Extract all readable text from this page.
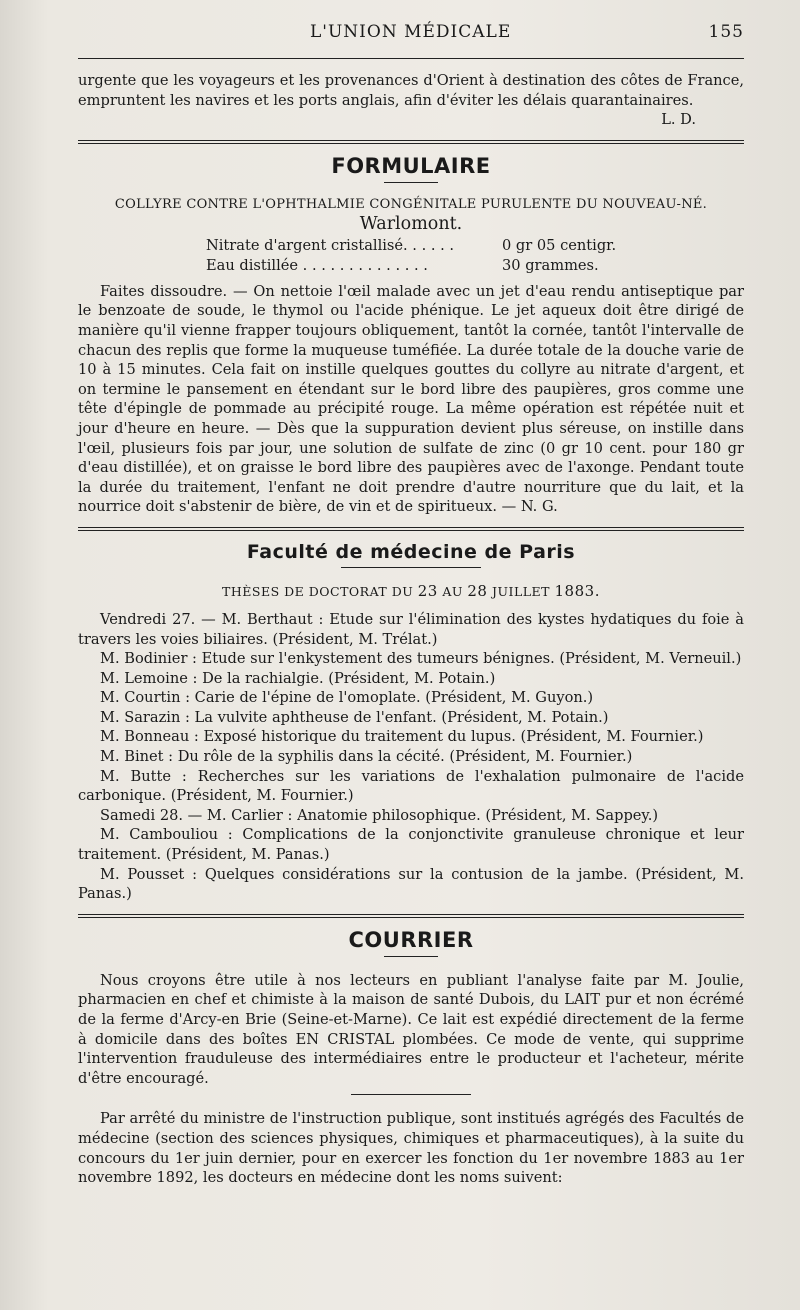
L'UNION MÉDICALE	155

urgente que les voyageurs et les provenances d'Orient à destination des côtes de France, empruntent les navires et les ports anglais, afin d'éviter les délais quarantainaires.

L. D.
FORMULAIRE
COLLYRE CONTRE L'OPHTHALMIE CONGÉNITALE PURULENTE DU NOUVEAU-NÉ.
Warlomont.
Nitrate d'argent cristallisé. . . . . .	0 gr 05 centigr.
Eau distillée . . . . . . . . . . . . . .	30 grammes.

Faites dissoudre. — On nettoie l'œil malade avec un jet d'eau rendu antiseptique par le benzoate de soude, le thymol ou l'acide phénique. Le jet aqueux doit être dirigé de manière qu'il vienne frapper toujours obliquement, tantôt la cornée, tantôt l'intervalle de chacun des replis que forme la muqueuse tuméfiée. La durée totale de la douche varie de 10 à 15 minutes. Cela fait on instille quelques gouttes du collyre au nitrate d'argent, et on termine le pansement en étendant sur le bord libre des paupières, gros comme une tête d'épingle de pommade au précipité rouge. La même opération est répétée nuit et jour d'heure en heure. — Dès que la suppuration devient plus séreuse, on instille dans l'œil, plusieurs fois par jour, une solution de sulfate de zinc (0 gr 10 cent. pour 180 gr d'eau distillée), et on graisse le bord libre des paupières avec de l'axonge. Pendant toute la durée du traitement, l'enfant ne doit prendre d'autre nourriture que du lait, et la nourrice doit s'abstenir de bière, de vin et de spiritueux. — N. G.

Faculté de médecine de Paris
THÈSES DE DOCTORAT DU 23 AU 28 JUILLET 1883.
Vendredi 27. — M. Berthaut : Etude sur l'élimination des kystes hydatiques du foie à travers les voies biliaires. (Président, M. Trélat.)
M. Bodinier : Etude sur l'enkystement des tumeurs bénignes. (Président, M. Verneuil.)
M. Lemoine : De la rachialgie. (Président, M. Potain.)
M. Courtin : Carie de l'épine de l'omoplate. (Président, M. Guyon.)
M. Sarazin : La vulvite aphtheuse de l'enfant. (Président, M. Potain.)
M. Bonneau : Exposé historique du traitement du lupus. (Président, M. Fournier.)
M. Binet : Du rôle de la syphilis dans la cécité. (Président, M. Fournier.)
M. Butte : Recherches sur les variations de l'exhalation pulmonaire de l'acide carbonique. (Président, M. Fournier.)
Samedi 28. — M. Carlier : Anatomie philosophique. (Président, M. Sappey.)
M. Cambouliou : Complications de la conjonctivite granuleuse chronique et leur traitement. (Président, M. Panas.)
M. Pousset : Quelques considérations sur la contusion de la jambe. (Président, M. Panas.)
COURRIER

Nous croyons être utile à nos lecteurs en publiant l'analyse faite par M. Joulie, pharmacien en chef et chimiste à la maison de santé Dubois, du LAIT pur et non écrémé de la ferme d'Arcy-en Brie (Seine-et-Marne). Ce lait est expédié directement de la ferme à domicile dans des boîtes EN CRISTAL plombées. Ce mode de vente, qui supprime l'intervention frauduleuse des intermédiaires entre le producteur et l'acheteur, mérite d'être encouragé.

Par arrêté du ministre de l'instruction publique, sont institués agrégés des Facultés de médecine (section des sciences physiques, chimiques et pharmaceutiques), à la suite du concours du 1er juin dernier, pour en exercer les fonction du 1er novembre 1883 au 1er novembre 1892, les docteurs en médecine dont les noms suivent:
